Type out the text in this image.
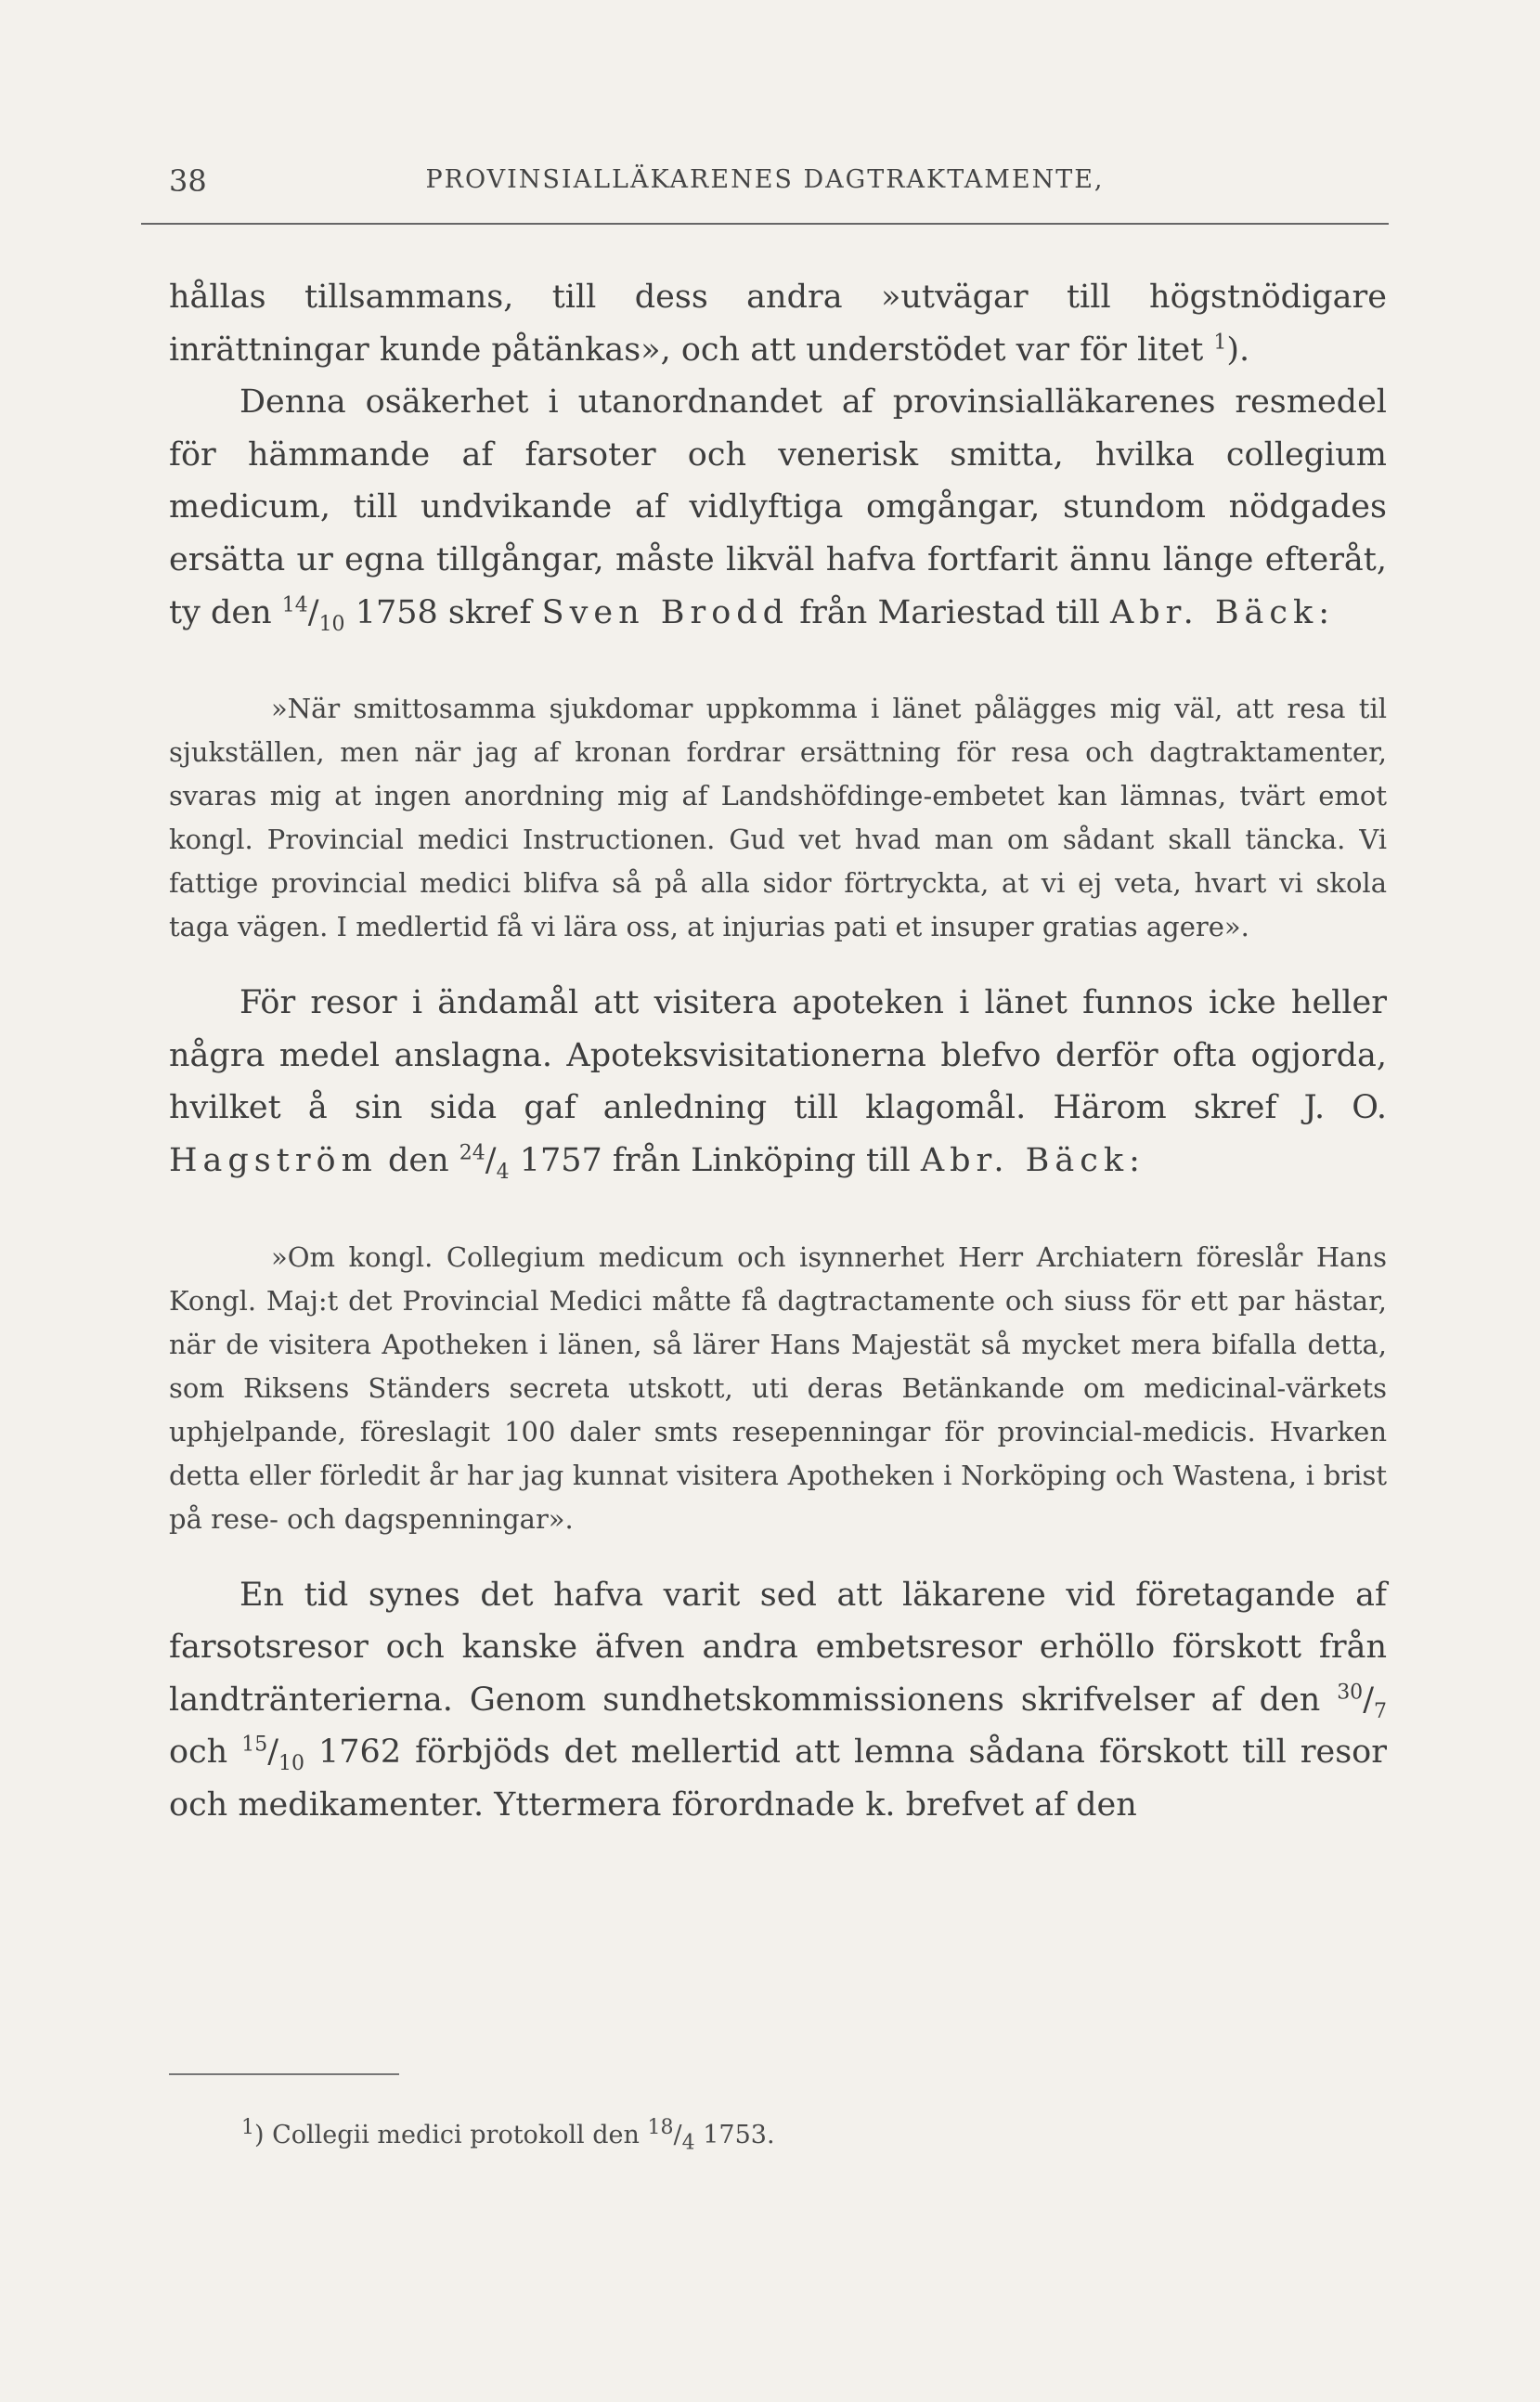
38	PROVINSIALLÄKARENES DAGTRAKTAMENTE,

hållas tillsammans, till dess andra »utvägar till högstnödigare inrättningar kunde påtänkas», och att understödet var för litet $^1$).

Denna osäkerhet i utanordnandet af provinsialläkarenes resmedel för hämmande af farsoter och venerisk smitta, hvilka collegium medicum, till undvikande af vidlyftiga omgångar, stundom nödgades ersätta ur egna tillgångar, måste likväl hafva fortfarit ännu länge efteråt, ty den $^{14}/_{10}$ 1758 skref Sven Brodd från Mariestad till Abr. Bäck:

»När smittosamma sjukdomar uppkomma i länet pålägges mig väl, att resa til sjukställen, men när jag af kronan fordrar ersättning för resa och dagtraktamenter, svaras mig at ingen anordning mig af Landshöfdinge-embetet kan lämnas, tvärt emot kongl. Provincial medici Instructionen. Gud vet hvad man om sådant skall täncka. Vi fattige provincial medici blifva så på alla sidor förtryckta, at vi ej veta, hvart vi skola taga vägen. I medlertid få vi lära oss, at injurias pati et insuper gratias agere».

För resor i ändamål att visitera apoteken i länet funnos icke heller några medel anslagna. Apoteksvisitationerna blefvo derför ofta ogjorda, hvilket å sin sida gaf anledning till klagomål. Härom skref J. O. Hagström den $^{24}/_4$ 1757 från Linköping till Abr. Bäck:

»Om kongl. Collegium medicum och isynnerhet Herr Archiatern föreslår Hans Kongl. Maj:t det Provincial Medici måtte få dagtractamente och siuss för ett par hästar, när de visitera Apotheken i länen, så lärer Hans Majestät så mycket mera bifalla detta, som Riksens Ständers secreta utskott, uti deras Betänkande om medicinal-värkets uphjelpande, föreslagit 100 daler smts resepenningar för provincial-medicis. Hvarken detta eller förledit år har jag kunnat visitera Apotheken i Norköping och Wastena, i brist på rese- och dagspenningar».

En tid synes det hafva varit sed att läkarene vid företagande af farsotsresor och kanske äfven andra embetsresor erhöllo förskott från landtränterierna. Genom sundhetskommissionens skrifvelser af den $^{30}/_7$ och $^{15}/_{10}$ 1762 förbjöds det mellertid att lemna sådana förskott till resor och medikamenter. Yttermera förordnade k. brefvet af den

$^1$) Collegii medici protokoll den $^{18}/_4$ 1753.
